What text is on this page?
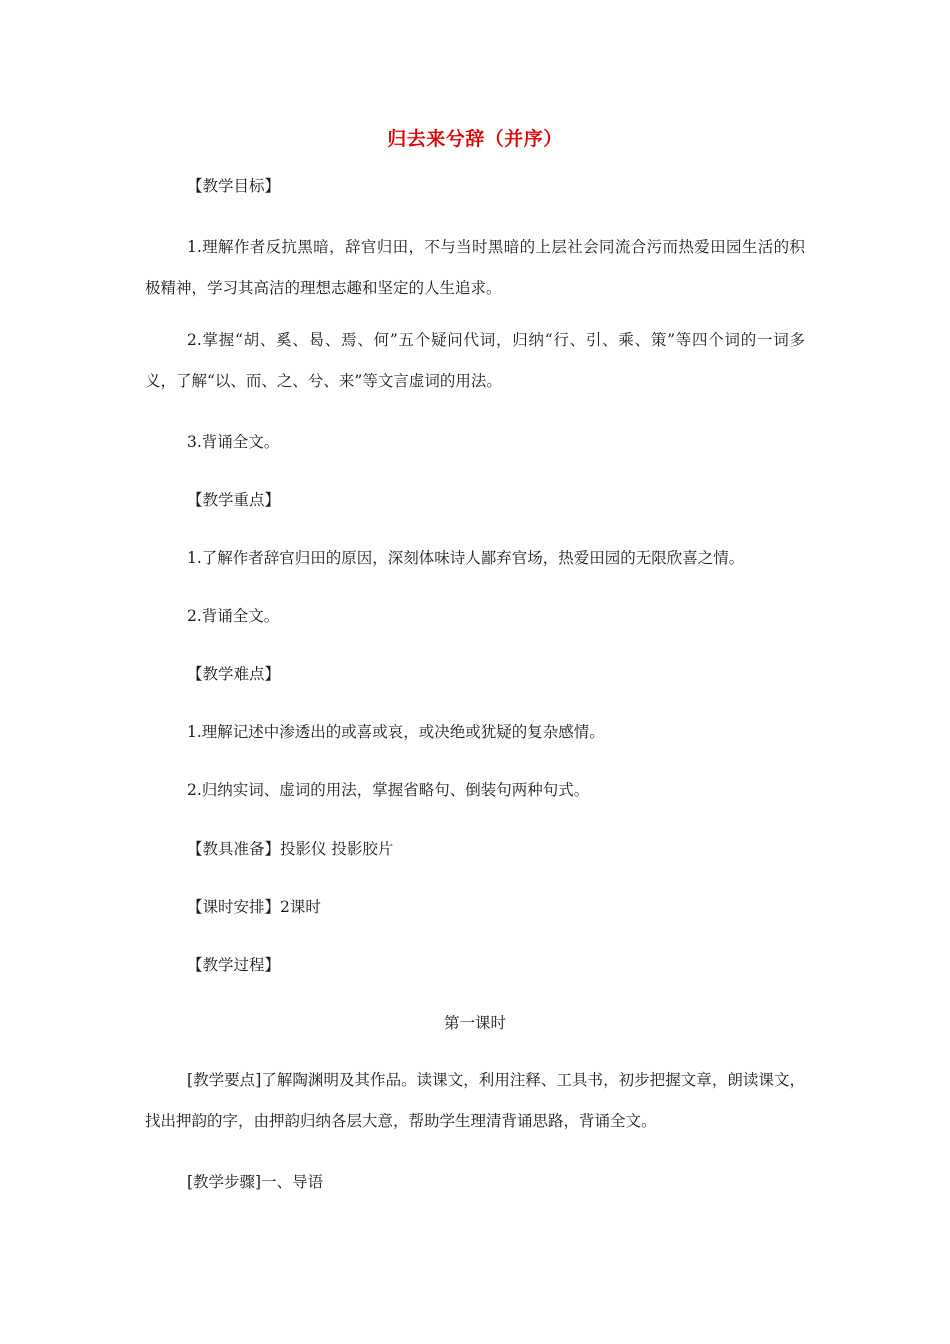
归去来兮辞（并序）
【教学目标】
1.理解作者反抗黑暗，辞官归田，不与当时黑暗的上层社会同流合污而热爱田园生活的积极精神，学习其高洁的理想志趣和坚定的人生追求。
2.掌握“胡、奚、曷、焉、何”五个疑问代词，归纳“行、引、乘、策”等四个词的一词多义，了解“以、而、之、兮、来”等文言虚词的用法。
3.背诵全文。
【教学重点】
1.了解作者辞官归田的原因，深刻体味诗人鄙弃官场，热爱田园的无限欣喜之情。
2.背诵全文。
【教学难点】
1.理解记述中渗透出的或喜或哀，或决绝或犹疑的复杂感情。
2.归纳实词、虚词的用法，掌握省略句、倒装句两种句式。
【教具准备】投影仪 投影胶片
【课时安排】2课时
【教学过程】
第一课时
[教学要点]了解陶渊明及其作品。读课文，利用注释、工具书，初步把握文章，朗读课文，找出押韵的字，由押韵归纳各层大意，帮助学生理清背诵思路，背诵全文。
[教学步骤]一、导语
